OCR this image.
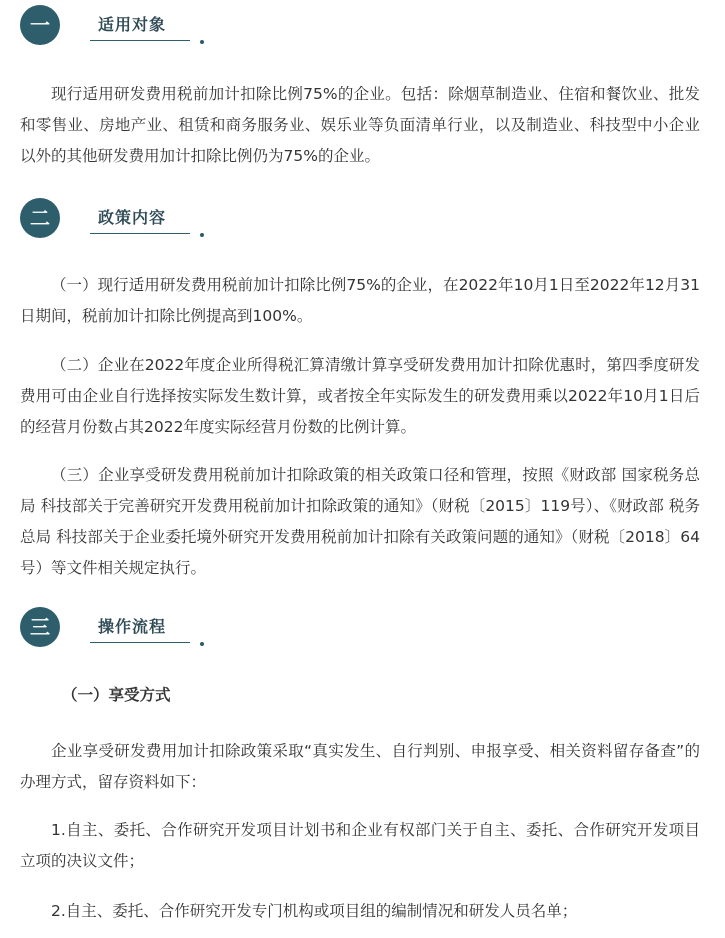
一	适用对象

现行适用研发费用税前加计扣除比例75%的企业。包括：除烟草制造业、住宿和餐饮业、批发和零售业、房地产业、租赁和商务服务业、娱乐业等负面清单行业，以及制造业、科技型中小企业以外的其他研发费用加计扣除比例仍为75%的企业。

二	政策内容

（一）现行适用研发费用税前加计扣除比例75%的企业，在2022年10月1日至2022年12月31日期间，税前加计扣除比例提高到100%。

（二）企业在2022年度企业所得税汇算清缴计算享受研发费用加计扣除优惠时，第四季度研发费用可由企业自行选择按实际发生数计算，或者按全年实际发生的研发费用乘以2022年10月1日后的经营月份数占其2022年度实际经营月份数的比例计算。

（三）企业享受研发费用税前加计扣除政策的相关政策口径和管理，按照《财政部 国家税务总局 科技部关于完善研究开发费用税前加计扣除政策的通知》（财税〔2015〕119号）、《财政部 税务总局 科技部关于企业委托境外研究开发费用税前加计扣除有关政策问题的通知》（财税〔2018〕64号）等文件相关规定执行。

三	操作流程

（一）享受方式

企业享受研发费用加计扣除政策采取“真实发生、自行判别、申报享受、相关资料留存备查”的办理方式，留存资料如下：

1.自主、委托、合作研究开发项目计划书和企业有权部门关于自主、委托、合作研究开发项目立项的决议文件；

2.自主、委托、合作研究开发专门机构或项目组的编制情况和研发人员名单；
